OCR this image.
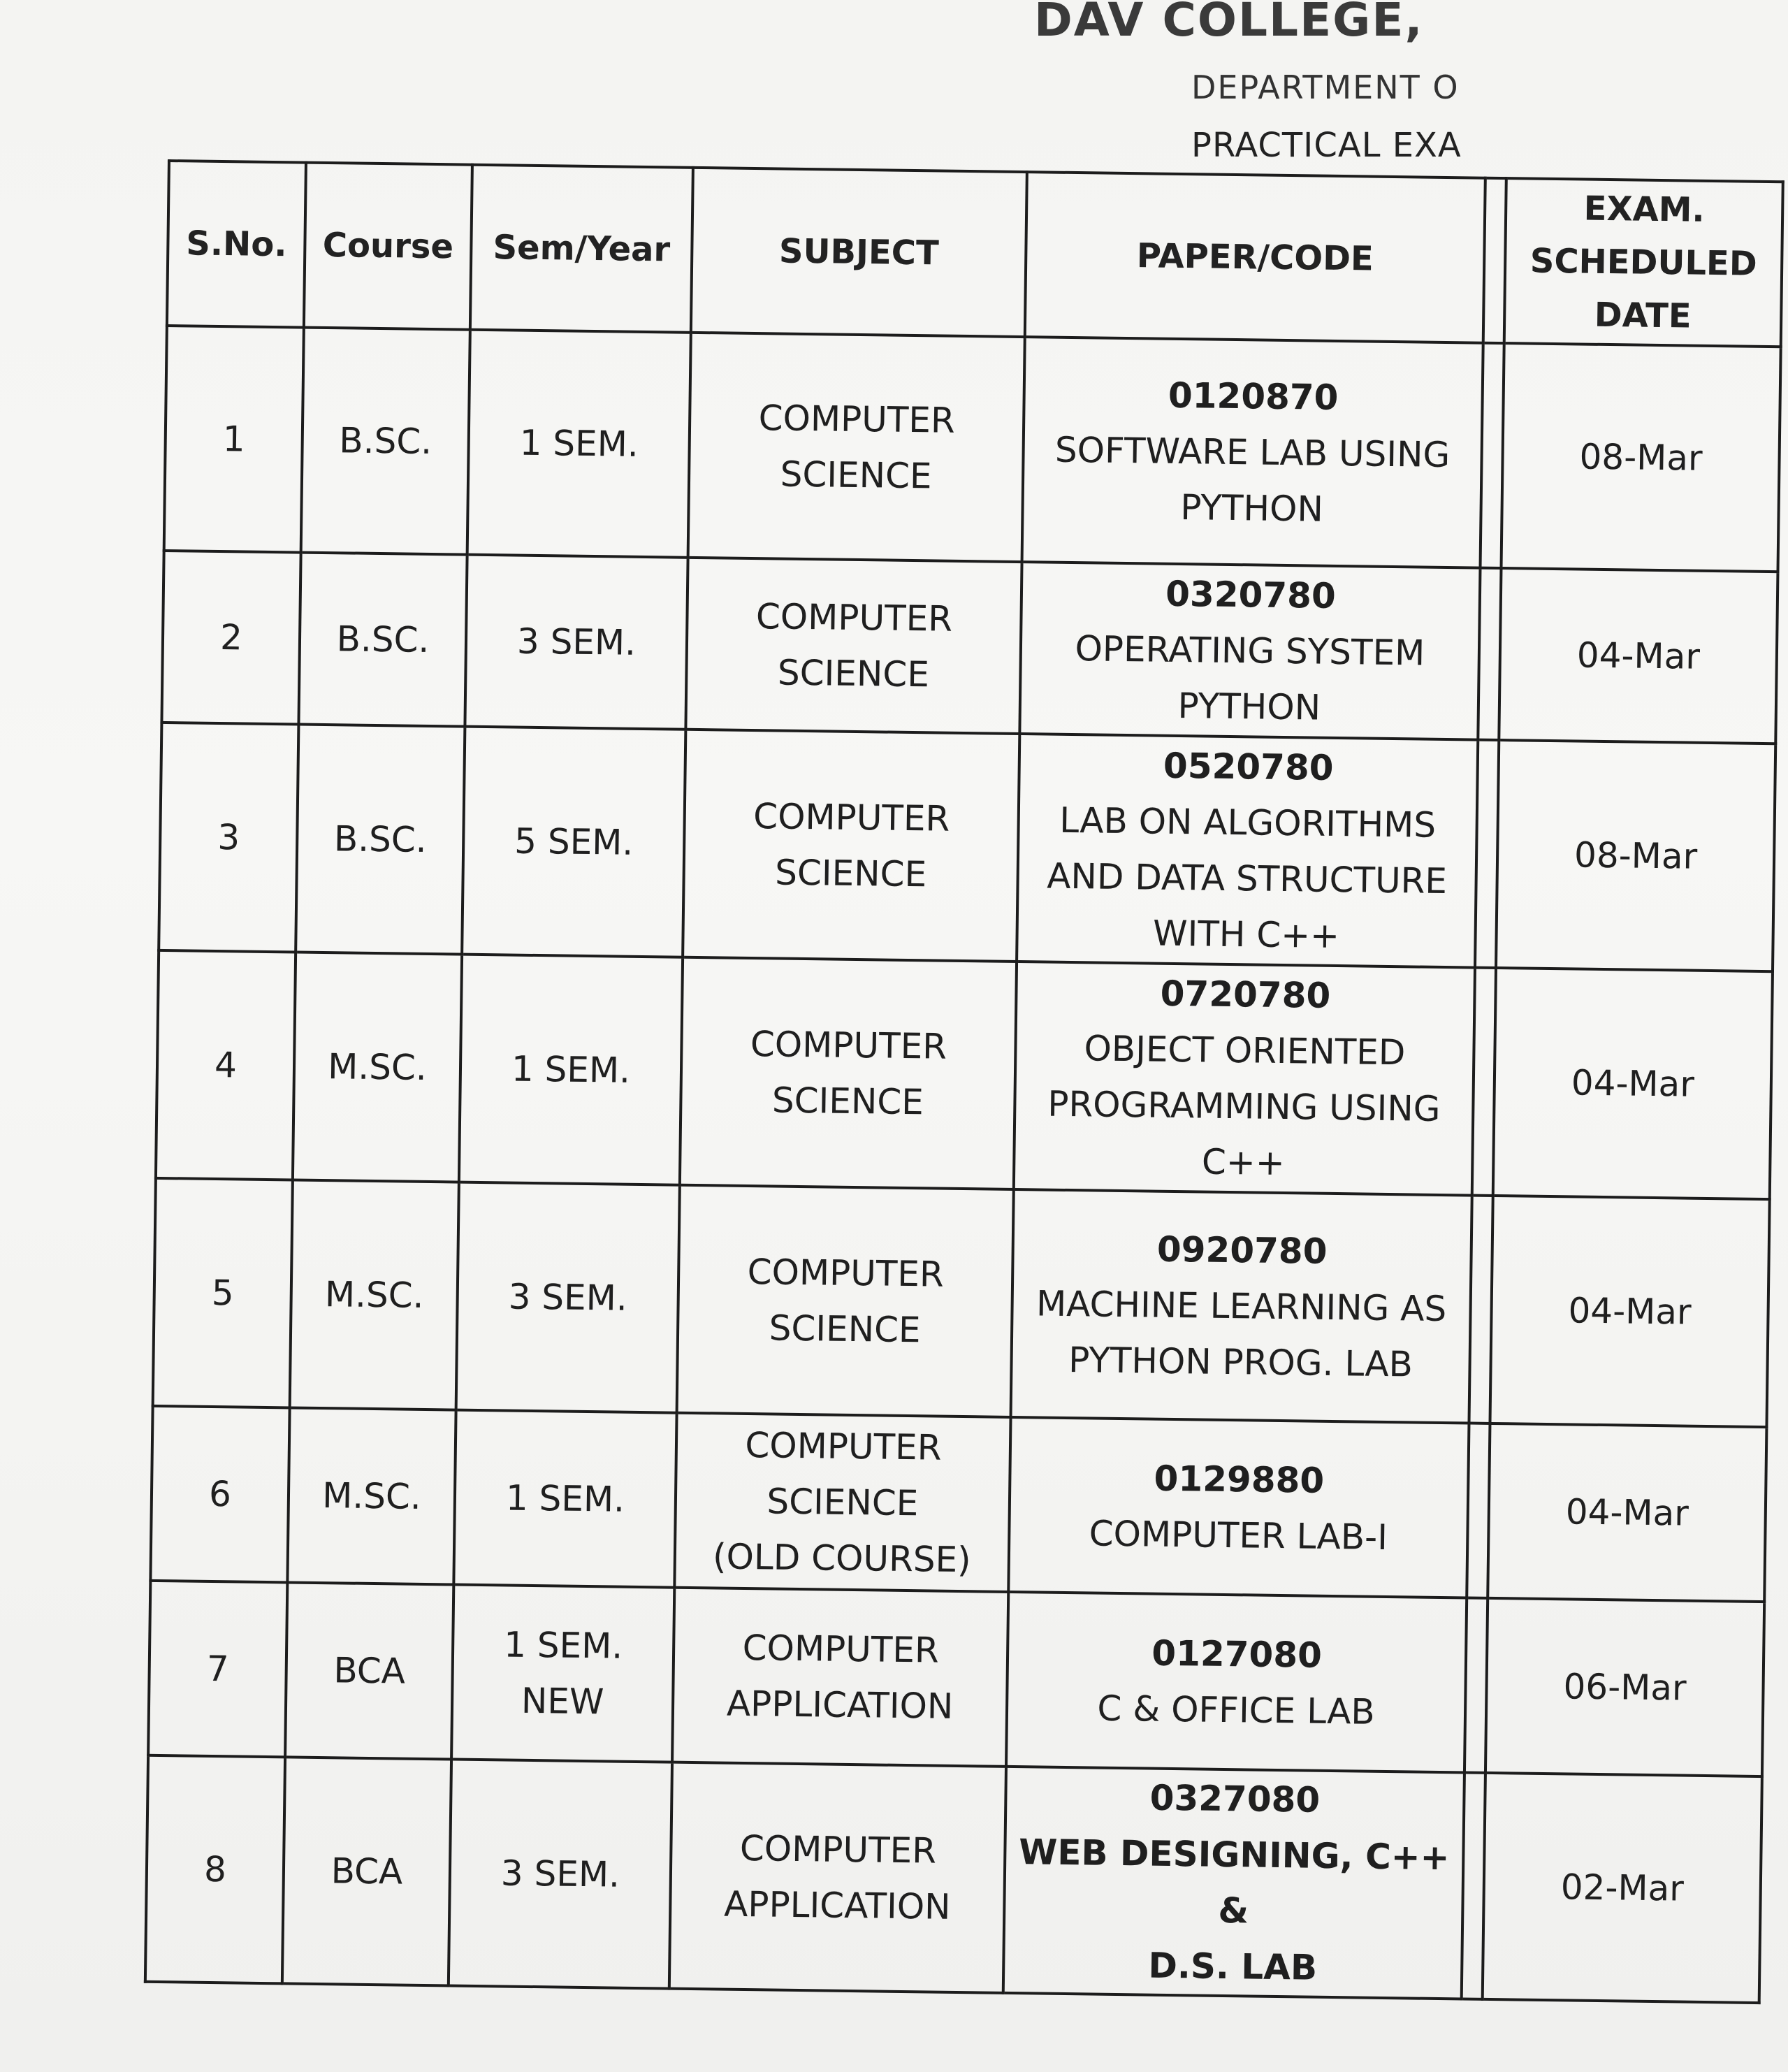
DAV COLLEGE,
DEPARTMENT O
PRACTICAL EXA
S.No.	Course	Sem/Year	SUBJECT	PAPER/CODE		EXAM.
SCHEDULED
DATE

1	B.SC.	1 SEM.	COMPUTER
SCIENCE	0120870
SOFTWARE LAB USING
PYTHON		08-Mar
2	B.SC.	3 SEM.	COMPUTER
SCIENCE	0320780
OPERATING SYSTEM
PYTHON		04-Mar
3	B.SC.	5 SEM.	COMPUTER
SCIENCE	0520780
LAB ON ALGORITHMS
AND DATA STRUCTURE
WITH C++		08-Mar
4	M.SC.	1 SEM.	COMPUTER
SCIENCE	0720780
OBJECT ORIENTED
PROGRAMMING USING
C++		04-Mar
5	M.SC.	3 SEM.	COMPUTER
SCIENCE	0920780
MACHINE LEARNING AS
PYTHON PROG. LAB		04-Mar
6	M.SC.	1 SEM.	COMPUTER
SCIENCE
(OLD COURSE)	0129880
COMPUTER LAB-I		04-Mar
7	BCA	1 SEM.
NEW	COMPUTER
APPLICATION	0127080
C & OFFICE LAB		06-Mar
8	BCA	3 SEM.	COMPUTER
APPLICATION	0327080
WEB DESIGNING, C++ &
D.S. LAB		02-Mar
